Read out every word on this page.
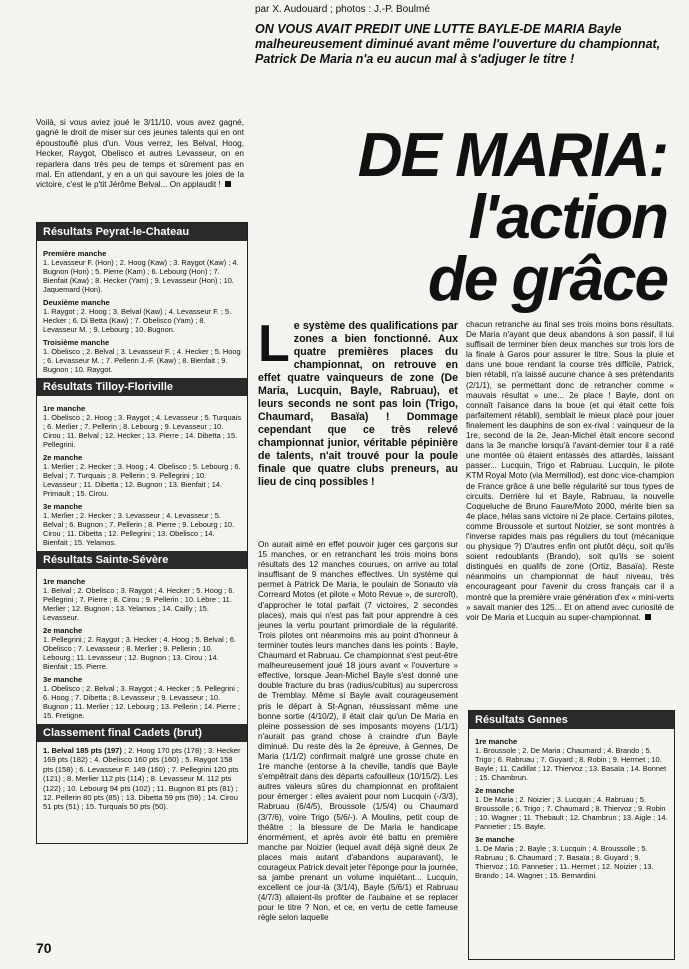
par X. Audouard ; photos : J.-P. Boulmé
ON VOUS AVAIT PREDIT UNE LUTTE BAYLE-DE MARIA Bayle malheureusement diminué avant même l'ouverture du championnat, Patrick De Maria n'a eu aucun mal à s'adjuger le titre !
Voilà, si vous aviez joué le 3/11/10, vous avez gagné, gagné le droit de miser sur ces jeunes talents qui en ont époustouflé plus d'un. Vous verrez, les Belval, Hoog, Hecker, Raygot, Obelisco et autres Levasseur, on en reparlera dans très peu de temps et sûrement pas en mal. En attendant, y en a un qui savoure les joies de la victoire, c'est le p'tit Jérôme Belval... On applaudit !	DE MARIA:
l'action
de grâce
Résultats Peyrat-le-Chateau
Première manche
1. Levasseur F. (Hon) ; 2. Hoog (Kaw) ; 3. Raygot (Kaw) ; 4. Bugnon (Hon) ; 5. Pierre (Kam) ; 6. Lebourg (Hon) ; 7. Bienfait (Kaw) ; 8. Hecker (Yam) ; 9. Levasseur (Hon) ; 10. Jaquemard (Hon).
Deuxième manche
1. Raygot ; 2. Hoog ; 3. Belval (Kaw) ; 4. Levasseur F. ; 5. Hecker ; 6. Di Betta (Kaw) ; 7. Obelisco (Yam) ; 8. Levasseur M. ; 9. Lebourg ; 10. Bugnon.
Troisième manche
1. Obelisco ; 2. Belval ; 3. Levasseur F. ; 4. Hecker ; 5. Hoog ; 6. Levasseur M. ; 7. Pellerin J.-F. (Kaw) ; 8. Bienfait ; 9. Bugnon ; 10. Raygot.
Résultats Tilloy-Floriville
1re manche
1. Obelisco ; 2. Hoog ; 3. Raygot ; 4. Levasseur ; 5. Turquais ; 6. Merlier ; 7. Pellerin ; 8. Lebourg ; 9. Levasseur ; 10. Cirou ; 11. Belval ; 12. Hecker ; 13. Pierre ; 14. Dibetta ; 15. Pellegrini.
2e manche
1. Merlier ; 2. Hecker ; 3. Hoog ; 4. Obelisco ; 5. Lebourg ; 6. Belval ; 7. Turquais ; 8. Pellerin ; 9. Pellegrini ; 10. Levasseur ; 11. Dibetta ; 12. Bugnon ; 13. Bienfait ; 14. Primault ; 15. Cirou.
3e manche
1. Merlier ; 2. Hecker ; 3. Levasseur ; 4. Levasseur ; 5. Belval ; 6. Bugnon ; 7. Pellerin ; 8. Pierre ; 9. Lebourg ; 10. Cirou ; 11. Dibetta ; 12. Pellegrini ; 13. Obelisco ; 14. Bienfait ; 15. Yelamos.
Résultats Sainte-Sévère
1re manche
1. Belval ; 2. Obelisco ; 3. Raygot ; 4. Hecker ; 5. Hoog ; 6. Pellegrini ; 7. Pierre ; 8. Cirou ; 9. Pellerin ; 10. Lèbre ; 11. Merlier ; 12. Bugnon ; 13. Yelamos ; 14. Cailly ; 15. Levasseur.
2e manche
1. Pellegrini ; 2. Raygot ; 3. Hecker ; 4. Hoog ; 5. Belval ; 6. Obelisco ; 7. Levasseur ; 8. Merlier ; 9. Pellerin ; 10. Lebourg ; 11. Levasseur ; 12. Bugnon ; 13. Cirou ; 14. Bienfait ; 15. Pierre.
3e manche
1. Obelisco ; 2. Belval ; 3. Raygot ; 4. Hecker ; 5. Pellegrini ; 6. Hoog ; 7. Dibetta ; 8. Levasseur ; 9. Levasseur ; 10. Bugnon ; 11. Merlier ; 12. Lebourg ; 13. Pellerin ; 14. Pierre ; 15. Fretigne.
Classement final Cadets (brut)
1. Belval 185 pts (197) ; 2. Hoog 170 pts (178) ; 3. Hecker 169 pts (182) ; 4. Obelisco 160 pts (160) ; 5. Raygot 158 pts (158) ; 6. Levasseur F. 149 (160) ; 7. Pellegrini 120 pts (121) ; 8. Merlier 112 pts (114) ; 8. Levasseur M. 112 pts (122) ; 10. Lebourg 94 pts (102) ; 11. Bugnon 81 pts (81) ; 12. Pellerin 80 pts (85) ; 13. Dibetta 59 pts (59) ; 14. Cirou 51 pts (51) ; 15. Turquais 50 pts (50).
Le système des qualifications par zones a bien fonctionné. Aux quatre premières places du championnat, on retrouve en effet quatre vainqueurs de zone (De Maria, Lucquin, Bayle, Rabruau), et leurs seconds ne sont pas loin (Trigo, Chaumard, Basaïa) ! Dommage cependant que ce très relevé championnat junior, véritable pépinière de talents, n'ait trouvé pour la poule finale que quatre clubs preneurs, au lieu de cinq possibles !
On aurait aimé en effet pouvoir juger ces garçons sur 15 manches, or en retranchant les trois moins bons résultats des 12 manches courues, on arrive au total insuffisant de 9 manches effectives. Un système qui permet à Patrick De Maria, le poulain de Sonauto via Correard Motos (et pilote « Moto Revue », de surcroît), d'approcher le total parfait (7 victoires, 2 secondes places), mais qui n'est pas fait pour apprendre à ces jeunes la vertu pourtant primordiale de la régularité. Trois pilotes ont néanmoins mis au point d'honneur à terminer toutes leurs manches dans les points : Bayle, Chaumard et Rabruau. Ce championnat s'est peut-être malheureusement joué 18 jours avant « l'ouverture » effective, lorsque Jean-Michel Bayle s'est donné une double fracture du bras (radius/cubitus) au supercross de Tremblay. Même si Bayle avait courageusement pris le départ à St-Agnan, réussissant même une bonne sortie (4/10/2), il était clair qu'un De Maria en pleine possession de ses imposants moyens (1/1/1) n'aurait pas grand chose à craindre d'un Bayle diminué. Du reste dès la 2e épreuve, à Gennes, De Maria (1/1/2) confirmait malgré une grosse chute en 1re manche (entorse à la cheville, tandis que Bayle s'empêtrait dans des départs cafouilleux (10/15/2). Les autres valeurs sûres du championnat en profitaient pour émerger : elles avaient pour nom Lucquin (-/3/3), Rabruau (6/4/5), Broussole (1/5/4) ou Chaumard (3/7/6), voire Trigo (5/6/-). A Moulins, petit coup de théâtre : la blessure de De Maria le handicape énormément, et après avoir été battu en première manche par Noizier (lequel avait déjà signé deux 2e places mais autant d'abandons auparavant), le courageux Patrick devait jeter l'éponge pour la journée, sa jambe prenant un volume inquiétant... Lucquin, excellent ce jour-là (3/1/4), Bayle (5/6/1) et Rabruau (4/7/3) allaient-ils profiter de l'aubaine et se replacer pour le titre ? Non, et ce, en vertu de cette fameuse règle selon laquelle
chacun retranche au final ses trois moins bons résultats. De Maria n'ayant que deux abandons à son passif, il lui suffisait de terminer bien deux manches sur trois lors de la finale à Garos pour assurer le titre. Sous la pluie et dans une boue rendant la course très difficile, Patrick, bien rétabli, n'a laissé aucune chance à ses prétendants (2/1/1), se permettant donc de retrancher comme « mauvais résultat » une... 2e place ! Bayle, dont on connaît l'aisance dans la boue (et qui était cette fois parfaitement rétabli), semblait le mieux placé pour jouer finalement les dauphins de son ex-rival : vainqueur de la 1re, second de la 2e, Jean-Michel était encore second dans la 3e manche lorsqu'à l'avant-dernier tour il a raté une montée où étaient entassés des attardés, laissant passer... Lucquin, Trigo et Rabruau. Lucquin, le pilote KTM Royal Moto (via Mermillod), est donc vice-champion de France grâce à une belle régularité sur tous types de circuits. Derrière lui et Bayle, Rabruau, la nouvelle Coqueluche de Bruno Faure/Moto 2000, mérite bien sa 4e place, hélas sans victoire ni 2e place. Certains pilotes, comme Broussole et surtout Noizier, se sont montrés à l'inverse rapides mais pas réguliers du tout (mécanique ou physique ?) D'autres enfin ont plutôt déçu, soit qu'ils soient redoublants (Brando), soit qu'ils se soient distingués en qualifs de zone (Ortiz, Basaïa). Reste néanmoins un championnat de haut niveau, très encourageant pour l'avenir du cross français car il a montré que la première vraie génération d'ex « mini-verts » savait manier des 125... Et on attend avec curiosité de voir De Maria et Lucquin au super-championnat.
Résultats Gennes
1re manche
1. Broussole ; 2. De Maria ; Chaumard ; 4. Brando ; 5. Trigo ; 6. Rabruau ; 7. Guyard ; 8. Robin ; 9. Hermet ; 10. Bayle ; 11. Cadillat ; 12. Thiervoz ; 13. Basaïa ; 14. Bonnet ; 15. Chambrun.
2e manche
1. De Maria ; 2. Noizier ; 3. Lucquin ; 4. Rabruau ; 5. Broussolle ; 6. Trigo ; 7. Chaumard ; 8. Thiervoz ; 9. Robin ; 10. Wagner ; 11. Thebault ; 12. Chambrun ; 13. Aigle ; 14. Pannetier ; 15. Bayle.
3e manche
1. De Maria ; 2. Bayle ; 3. Lucquin ; 4. Broussolle ; 5. Rabruau ; 6. Chaumard ; 7. Basaïa ; 8. Guyard ; 9. Thiervoz ; 10. Pannetier ; 11. Hermet ; 12. Noizier ; 13. Brando ; 14. Wagner ; 15. Bernardini.
70
